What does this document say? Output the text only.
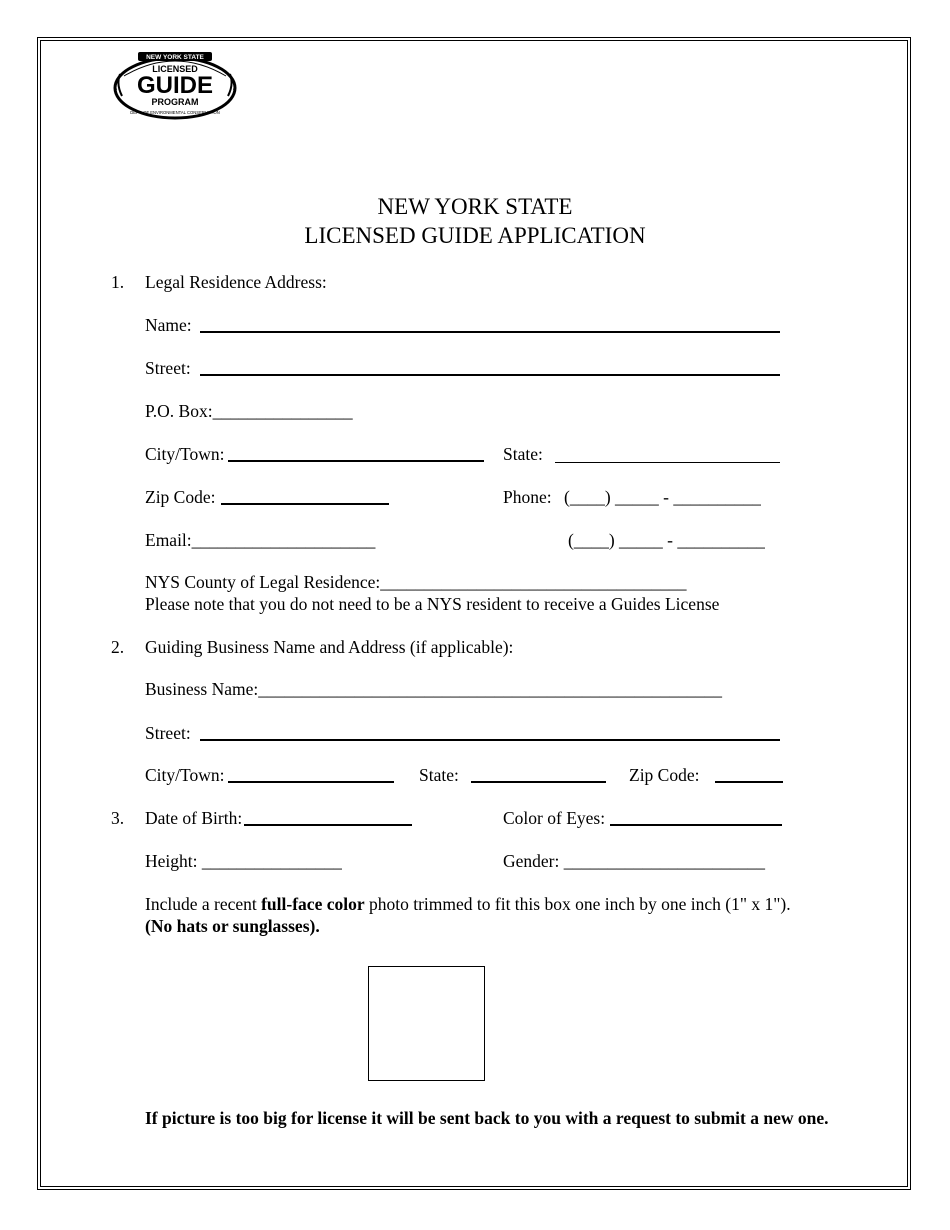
NEW YORK STATE
LICENSED
GUIDE
PROGRAM
DEPT. OF ENVIRONMENTAL CONSERVATION
NEW YORK STATE
LICENSED GUIDE APPLICATION
1. Legal Residence Address:
Name:
Street:
P.O. Box:________________
City/Town:	State:
Zip Code:	Phone: (____) _____ - __________
Email:_____________________	(____) _____ - __________
NYS County of Legal Residence:___________________________________
Please note that you do not need to be a NYS resident to receive a Guides License
2. Guiding Business Name and Address (if applicable):
Business Name:_____________________________________________________
Street:
City/Town:	State:	Zip Code:
3. Date of Birth:	Color of Eyes:
Height: ________________	Gender: _______________________
Include a recent full-face color photo trimmed to fit this box one inch by one inch (1" x 1").
(No hats or sunglasses).
If picture is too big for license it will be sent back to you with a request to submit a new one.
